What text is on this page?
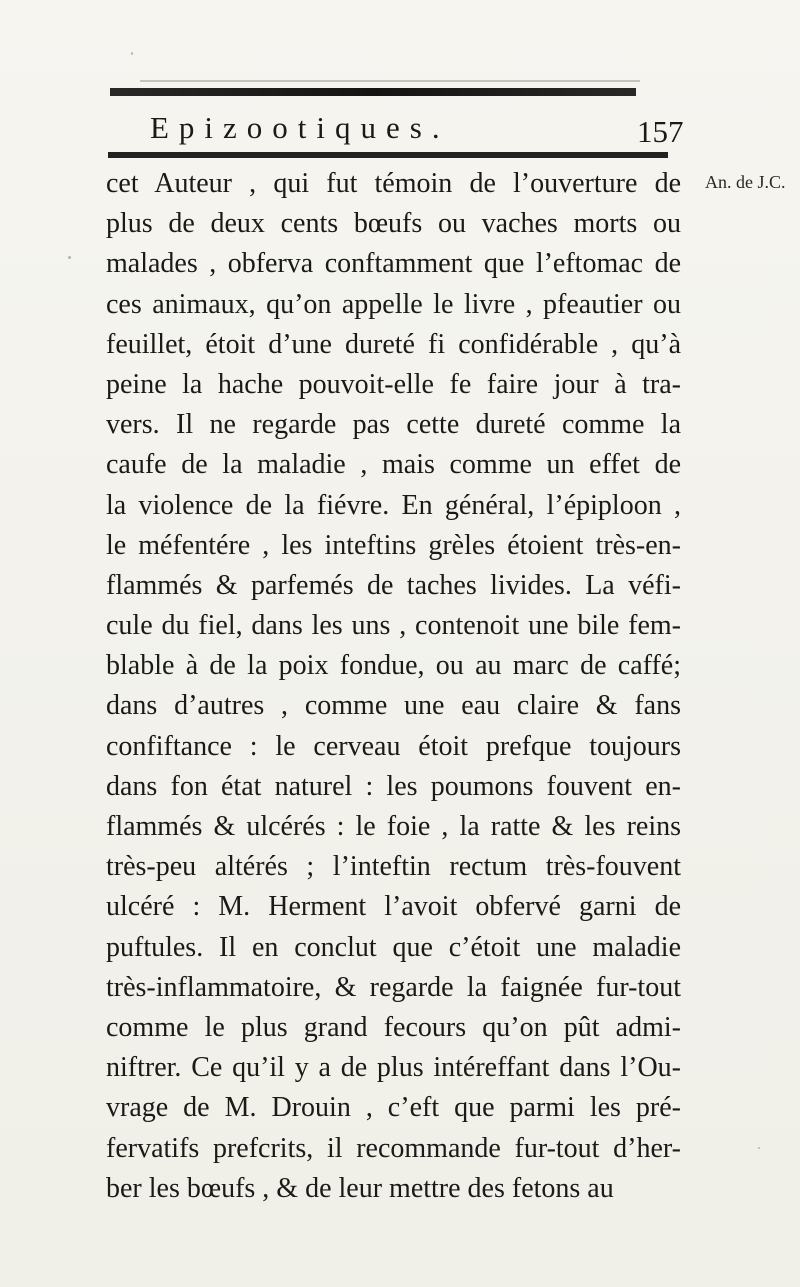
Epizootiques.	157
An. de J.C.
cet Auteur , qui fut témoin de l’ouverture de
plus de deux cents bœufs ou vaches morts ou
malades , obferva conftamment que l’eftomac de
ces animaux, qu’on appelle le livre , pfeautier ou
feuillet, étoit d’une dureté fi confidérable , qu’à
peine la hache pouvoit-elle fe faire jour à tra-
vers. Il ne regarde pas cette dureté comme la
caufe de la maladie , mais comme un effet de
la violence de la fiévre. En général, l’épiploon ,
le méfentére , les inteftins grèles étoient très-en-
flammés & parfemés de taches livides. La véfi-
cule du fiel, dans les uns , contenoit une bile fem-
blable à de la poix fondue, ou au marc de caffé;
dans d’autres , comme une eau claire & fans
confiftance : le cerveau étoit prefque toujours
dans fon état naturel : les poumons fouvent en-
flammés & ulcérés : le foie , la ratte & les reins
très-peu altérés ; l’inteftin rectum très-fouvent
ulcéré : M. Herment l’avoit obfervé garni de
puftules. Il en conclut que c’étoit une maladie
très-inflammatoire, & regarde la faignée fur-tout
comme le plus grand fecours qu’on pût admi-
niftrer. Ce qu’il y a de plus intéreffant dans l’Ou-
vrage de M. Drouin , c’eft que parmi les pré-
fervatifs prefcrits, il recommande fur-tout d’her-
ber les bœufs , & de leur mettre des fetons au
